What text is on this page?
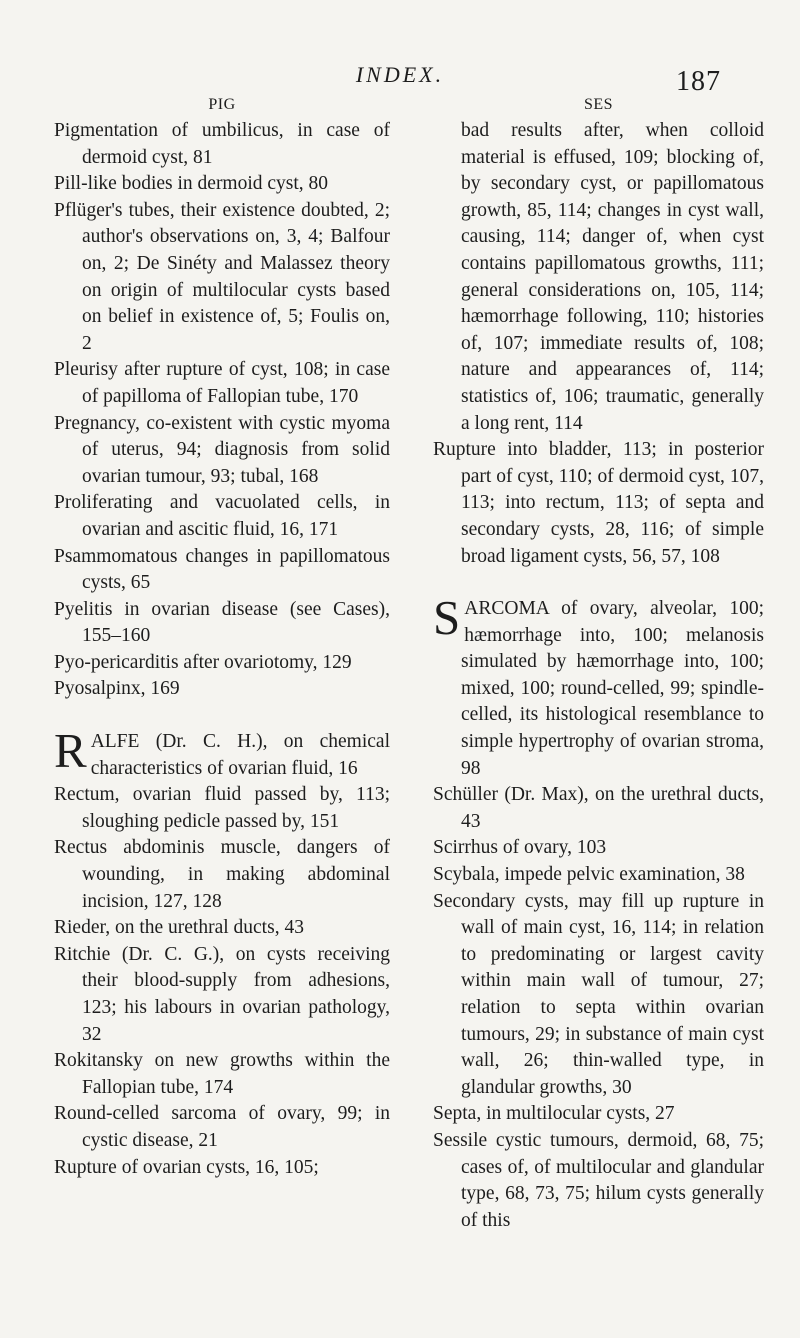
INDEX.	187
PIG

Pigmentation of umbilicus, in case of dermoid cyst, 81

Pill-like bodies in dermoid cyst, 80

Pflüger's tubes, their existence doubted, 2; author's observations on, 3, 4; Balfour on, 2; De Sinéty and Malassez theory on origin of multilocular cysts based on belief in existence of, 5; Foulis on, 2

Pleurisy after rupture of cyst, 108; in case of papilloma of Fallopian tube, 170

Pregnancy, co-existent with cystic myoma of uterus, 94; diagnosis from solid ovarian tumour, 93; tubal, 168

Proliferating and vacuolated cells, in ovarian and ascitic fluid, 16, 171

Psammomatous changes in papillomatous cysts, 65

Pyelitis in ovarian disease (see Cases), 155–160

Pyo-pericarditis after ovariotomy, 129

Pyosalpinx, 169

RALFE (Dr. C. H.), on chemical characteristics of ovarian fluid, 16

Rectum, ovarian fluid passed by, 113; sloughing pedicle passed by, 151

Rectus abdominis muscle, dangers of wounding, in making abdominal incision, 127, 128

Rieder, on the urethral ducts, 43

Ritchie (Dr. C. G.), on cysts receiving their blood-supply from adhesions, 123; his labours in ovarian pathology, 32

Rokitansky on new growths within the Fallopian tube, 174

Round-celled sarcoma of ovary, 99; in cystic disease, 21

Rupture of ovarian cysts, 16, 105;

SES

bad results after, when colloid material is effused, 109; blocking of, by secondary cyst, or papillomatous growth, 85, 114; changes in cyst wall, causing, 114; danger of, when cyst contains papillomatous growths, 111; general considerations on, 105, 114; hæmorrhage following, 110; histories of, 107; immediate results of, 108; nature and appearances of, 114; statistics of, 106; traumatic, generally a long rent, 114

Rupture into bladder, 113; in posterior part of cyst, 110; of dermoid cyst, 107, 113; into rectum, 113; of septa and secondary cysts, 28, 116; of simple broad ligament cysts, 56, 57, 108

SARCOMA of ovary, alveolar, 100; hæmorrhage into, 100; melanosis simulated by hæmorrhage into, 100; mixed, 100; round-celled, 99; spindle-celled, its histological resemblance to simple hypertrophy of ovarian stroma, 98

Schüller (Dr. Max), on the urethral ducts, 43

Scirrhus of ovary, 103

Scybala, impede pelvic examination, 38

Secondary cysts, may fill up rupture in wall of main cyst, 16, 114; in relation to predominating or largest cavity within main wall of tumour, 27; relation to septa within ovarian tumours, 29; in substance of main cyst wall, 26; thin-walled type, in glandular growths, 30

Septa, in multilocular cysts, 27

Sessile cystic tumours, dermoid, 68, 75; cases of, of multilocular and glandular type, 68, 73, 75; hilum cysts generally of this
